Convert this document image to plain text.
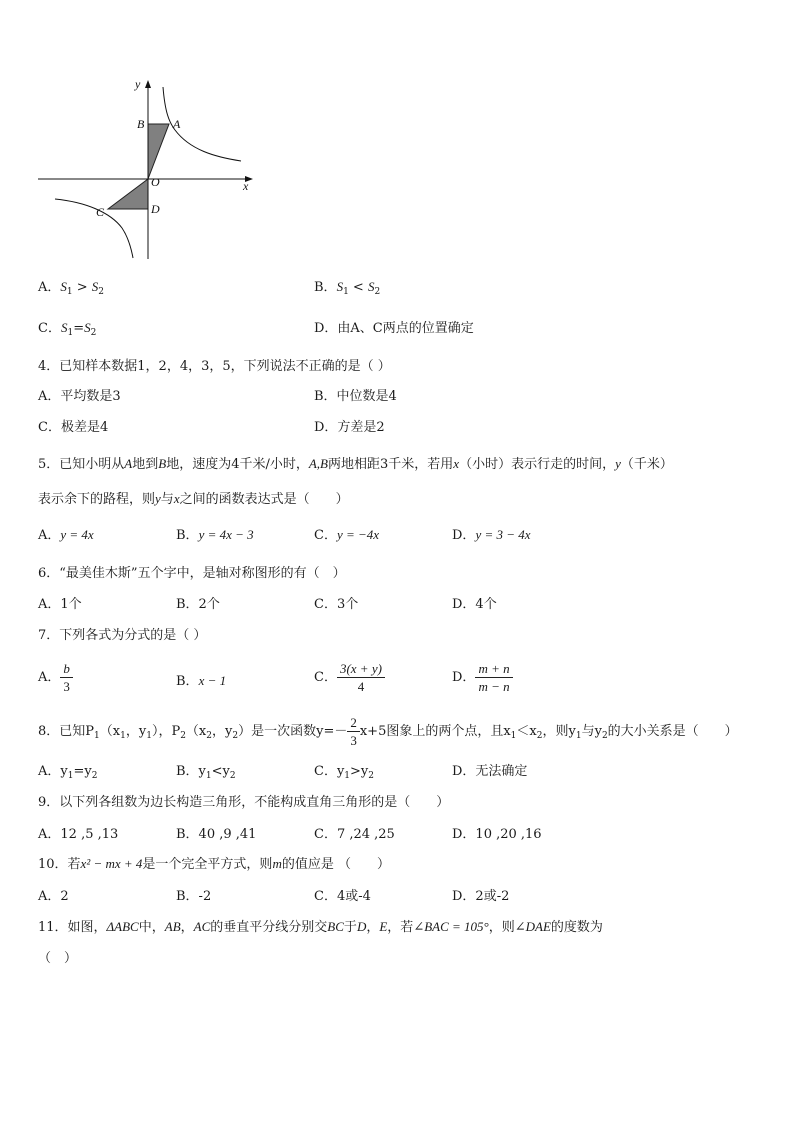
y
x
B A
O
C	D
A．$S_1 > S_2$	B．$S_1 < S_2$
C．$S_1=S_2$	D．由A、C两点的位置确定
4．已知样本数据1，2，4，3，5，下列说法不正确的是（ ）
A．平均数是3	B．中位数是4
C．极差是4	D．方差是2
5．已知小明从A地到B地，速度为4千米/小时，A,B两地相距3千米，若用x（小时）表示行走的时间，y（千米）
表示余下的路程，则y与x之间的函数表达式是（　　）
A．y = 4x	B．y = 4x − 3	C．y = −4x	D．y = 3 − 4x
6．“最美佳木斯”五个字中，是轴对称图形的有（　）
A．1个	B．2个	C．3个	D．4个
7．下列各式为分式的是（ ）
A． $\frac{b}{3}$	B．x − 1	C． $\frac{3(x + y)}{4}$	D． $\frac{m + n}{m - n}$
8．已知$P_1(x_1$，$y_1$），$P_2(x_2$，$y_2$）是一次函数$y=- \frac{2}{3} x+5$图象上的两个点，且$x_1<x_2$，则$y_1$与$y_2$的大小关系是（　　）
A．$y_1=y_2$	B．$y_1<y_2$	C．$y_1>y_2$	D．无法确定
9．以下列各组数为边长构造三角形，不能构成直角三角形的是（　　）
A．12 ,5 ,13	B．40 ,9 ,41	C．7 ,24 ,25	D．10 ,20 ,16
10．若x² − mx + 4是一个完全平方式，则m的值应是 （　　）
A．2	B．-2	C．4或-4	D．2或-2
11．如图，ΔABC中，AB，AC的垂直平分线分别交BC于D，E，若∠BAC = 105°，则∠DAE的度数为
（　）
